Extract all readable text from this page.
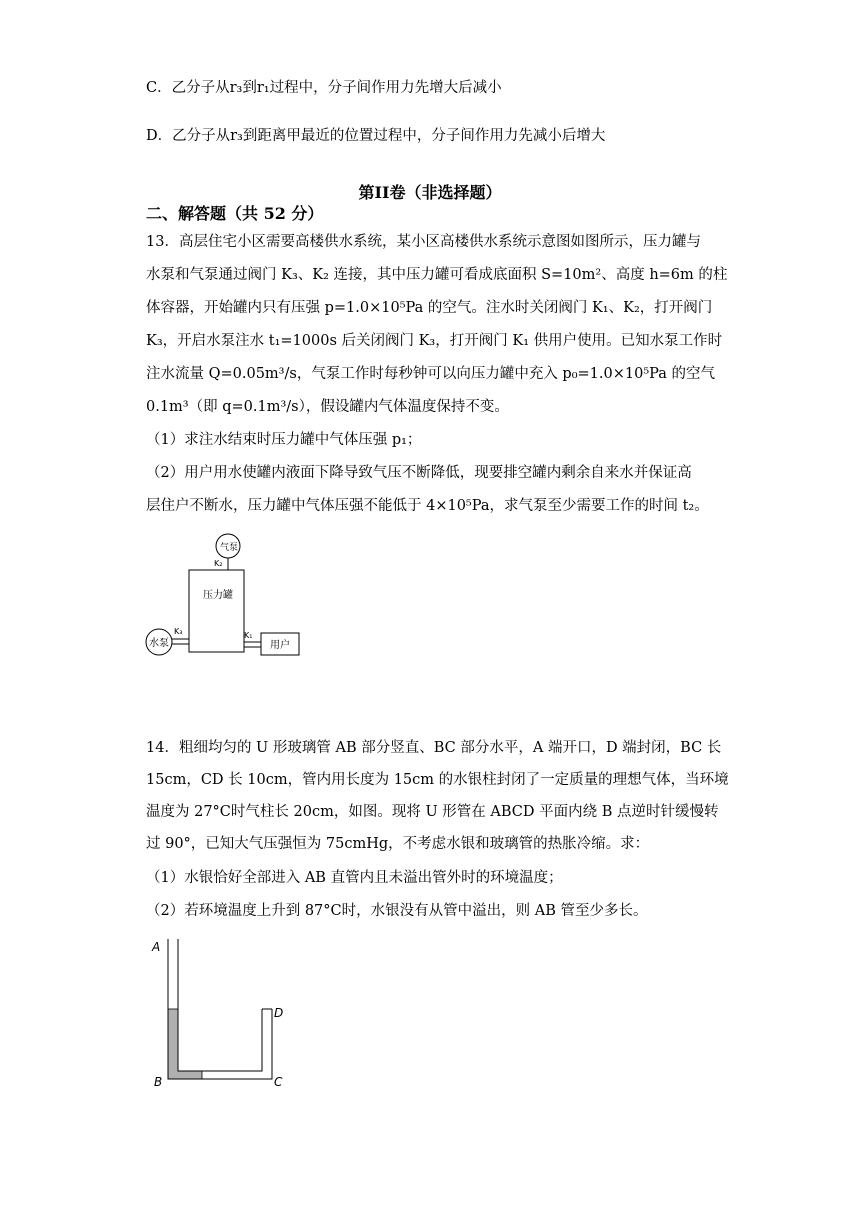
C．乙分子从r₃到r₁过程中，分子间作用力先增大后减小
D．乙分子从r₃到距离甲最近的位置过程中，分子间作用力先减小后增大
第II卷（非选择题）
二、解答题（共 52 分）
13．高层住宅小区需要高楼供水系统，某小区高楼供水系统示意图如图所示，压力罐与
水泵和气泵通过阀门 K₃、K₂ 连接，其中压力罐可看成底面积 S=10m²、高度 h=6m 的柱
体容器，开始罐内只有压强 p=1.0×10⁵Pa 的空气。注水时关闭阀门 K₁、K₂，打开阀门
K₃，开启水泵注水 t₁=1000s 后关闭阀门 K₃，打开阀门 K₁ 供用户使用。已知水泵工作时
注水流量 Q=0.05m³/s，气泵工作时每秒钟可以向压力罐中充入 p₀=1.0×10⁵Pa 的空气
0.1m³（即 q=0.1m³/s），假设罐内气体温度保持不变。
（1）求注水结束时压力罐中气体压强 p₁；
（2）用户用水使罐内液面下降导致气压不断降低，现要排空罐内剩余自来水并保证高
层住户不断水，压力罐中气体压强不能低于 4×10⁵Pa，求气泵至少需要工作的时间 t₂。
气泵
K₂
压力罐
水泵
K₃	K₁
用户
14．粗细均匀的 U 形玻璃管 AB 部分竖直、BC 部分水平，A 端开口，D 端封闭，BC 长
15cm，CD 长 10cm，管内用长度为 15cm 的水银柱封闭了一定质量的理想气体，当环境
温度为 27°C时气柱长 20cm，如图。现将 U 形管在 ABCD 平面内绕 B 点逆时针缓慢转
过 90°，已知大气压强恒为 75cmHg，不考虑水银和玻璃管的热胀冷缩。求：
（1）水银恰好全部进入 AB 直管内且未溢出管外时的环境温度；
（2）若环境温度上升到 87°C时，水银没有从管中溢出，则 AB 管至少多长。
A
B	C
D
